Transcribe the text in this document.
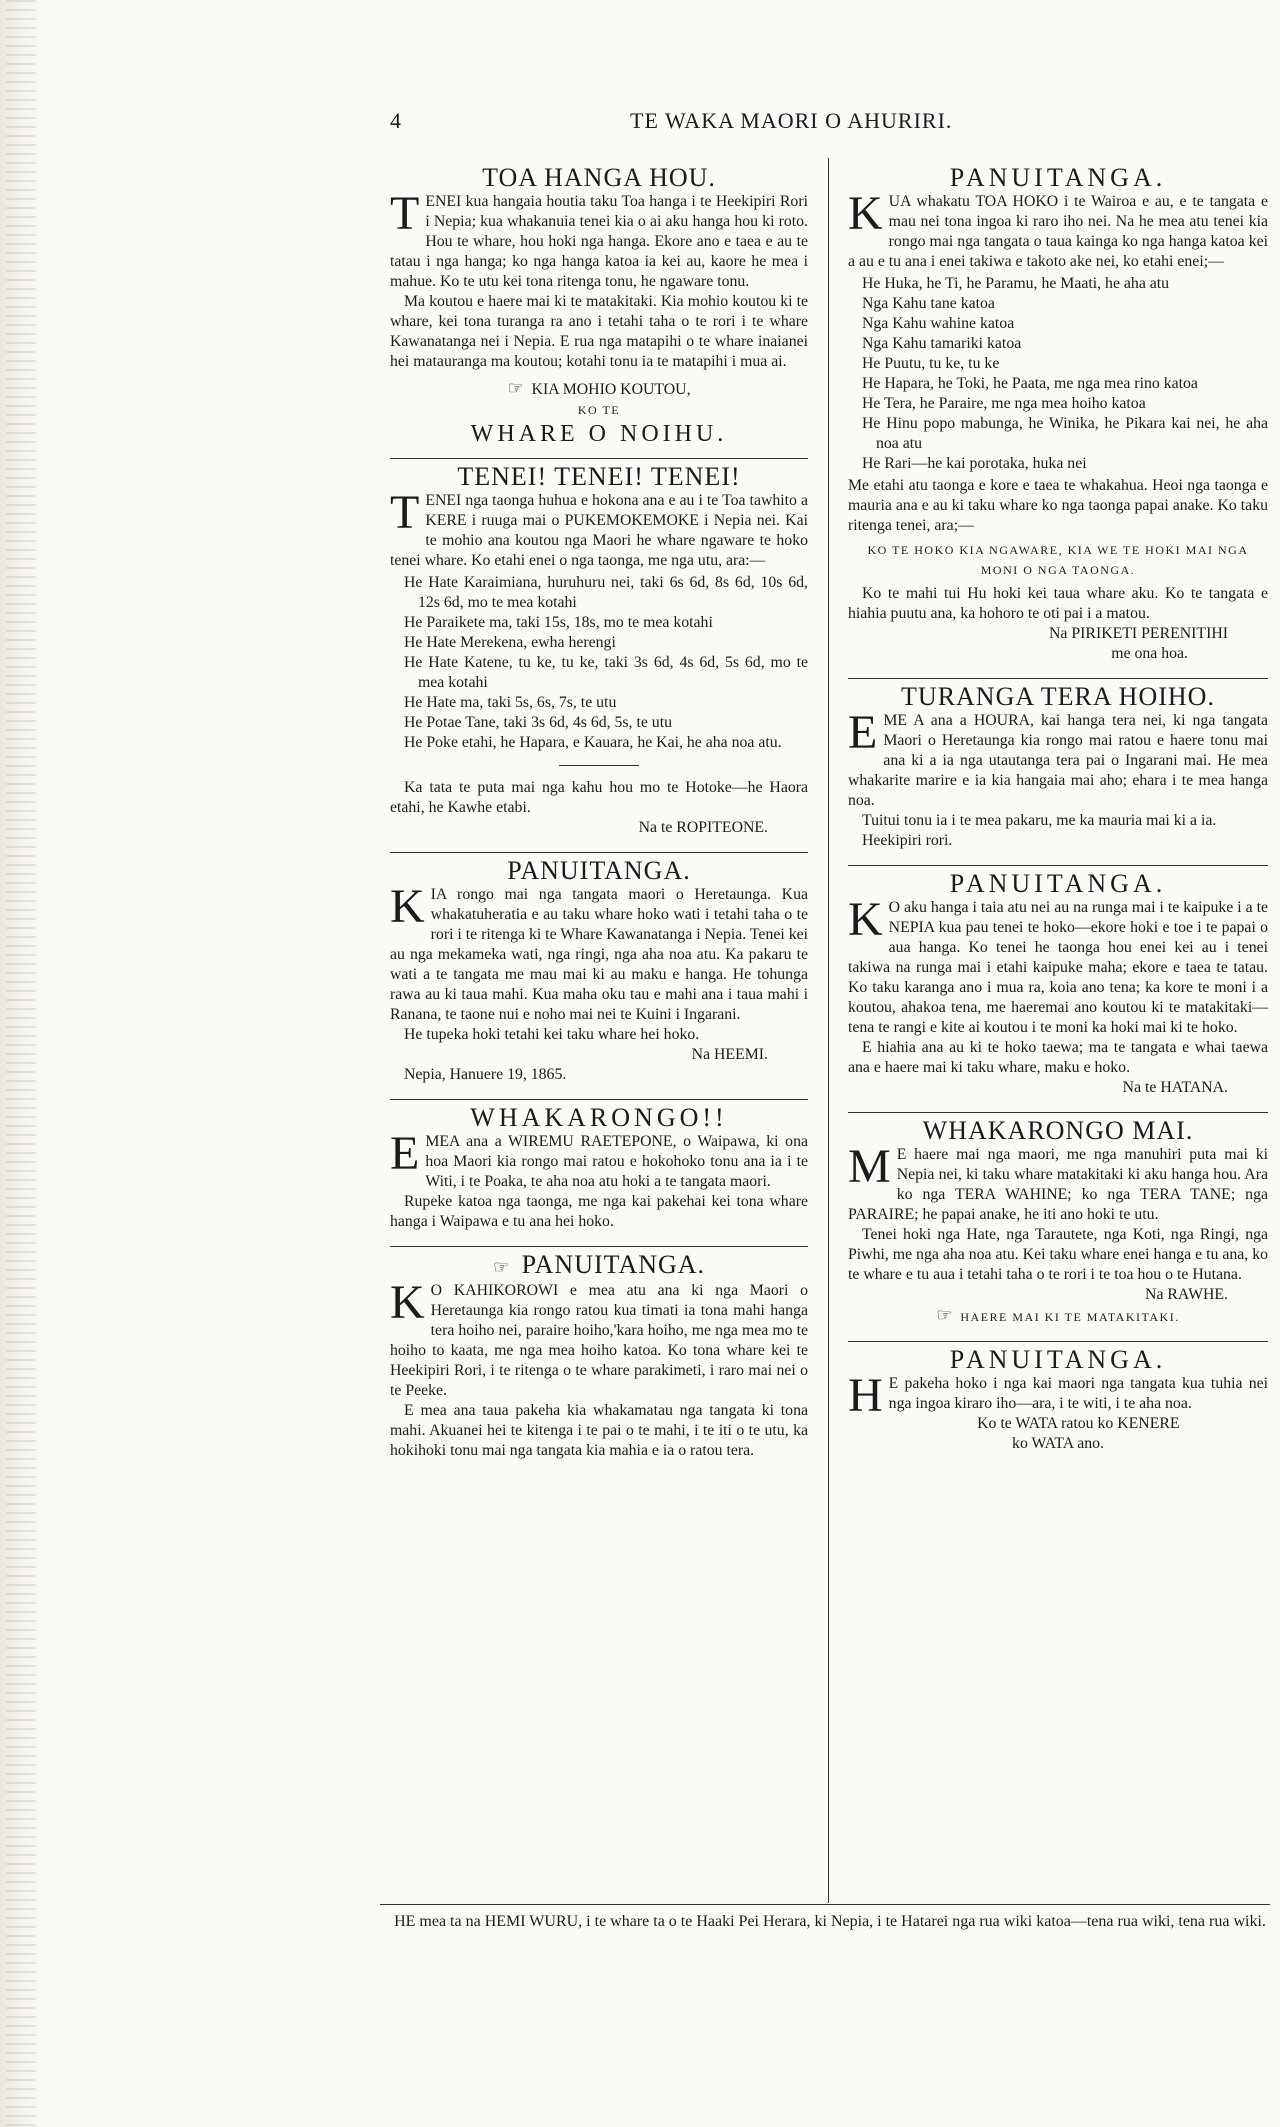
4	TE WAKA MAORI O AHURIRI.
TOA HANGA HOU.
T ENEI kua hangaia houtia taku Toa hanga i te Heekipiri Rori i Nepia; kua whakanuia tenei kia o ai aku hanga hou ki roto. Hou te whare, hou hoki nga hanga. Ekore ano e taea e au te tatau i nga hanga; ko nga hanga katoa ia kei au, kaore he mea i mahue. Ko te utu kei tona ritenga tonu, he ngaware tonu.

Ma koutou e haere mai ki te matakitaki. Kia mohio koutou ki te whare, kei tona turanga ra ano i tetahi taha o te rori i te whare Kawanatanga nei i Nepia. E rua nga matapihi o te whare inaianei hei matauranga ma koutou; kotahi tonu ia te matapihi i mua ai.

☞ KIA MOHIO KOUTOU,
KO TE
WHARE O NOIHU.
TENEI! TENEI! TENEI!
T ENEI nga taonga huhua e hokona ana e au i te Toa tawhito a KERE i ruuga mai o PUKEMOKEMOKE i Nepia nei. Kai te mohio ana koutou nga Maori he whare ngaware te hoko tenei whare. Ko etahi enei o nga taonga, me nga utu, ara:—

He Hate Karaimiana, huruhuru nei, taki 6s 6d, 8s 6d, 10s 6d, 12s 6d, mo te mea kotahi
He Paraikete ma, taki 15s, 18s, mo te mea kotahi
He Hate Merekena, ewha herengi
He Hate Katene, tu ke, tu ke, taki 3s 6d, 4s 6d, 5s 6d, mo te mea kotahi
He Hate ma, taki 5s, 6s, 7s, te utu
He Potae Tane, taki 3s 6d, 4s 6d, 5s, te utu
He Poke etahi, he Hapara, e Kauara, he Kai, he aha noa atu.

Ka tata te puta mai nga kahu hou mo te Hotoke—he Haora etahi, he Kawhe etabi.

Na te ROPITEONE.

PANUITANGA.
K IA rongo mai nga tangata maori o Heretaunga. Kua whakatuheratia e au taku whare hoko wati i tetahi taha o te rori i te ritenga ki te Whare Kawanatanga i Nepia. Tenei kei au nga mekameka wati, nga ringi, nga aha noa atu. Ka pakaru te wati a te tangata me mau mai ki au maku e hanga. He tohunga rawa au ki taua mahi. Kua maha oku tau e mahi ana i taua mahi i Ranana, te taone nui e noho mai nei te Kuini i Ingarani.

He tupeka hoki tetahi kei taku whare hei hoko.

Na HEEMI.

Nepia, Hanuere 19, 1865.

WHAKARONGO!!
E MEA ana a WIREMU RAETEPONE, o Waipawa, ki ona hoa Maori kia rongo mai ratou e hokohoko tonu ana ia i te Witi, i te Poaka, te aha noa atu hoki a te tangata maori.

Rupeke katoa nga taonga, me nga kai pakehai kei tona whare hanga i Waipawa e tu ana hei hoko.

☞ PANUITANGA.
K O KAHIKOROWI e mea atu ana ki nga Maori o Heretaunga kia rongo ratou kua timati ia tona mahi hanga tera hoiho nei, paraire hoiho,'kara hoiho, me nga mea mo te hoiho to kaata, me nga mea hoiho katoa. Ko tona whare kei te Heekipiri Rori, i te ritenga o te whare parakimeti, i raro mai nei o te Peeke.

E mea ana taua pakeha kia whakamatau nga tangata ki tona mahi. Akuanei hei te kitenga i te pai o te mahi, i te iti o te utu, ka hokihoki tonu mai nga tangata kia mahia e ia o ratou tera.

PANUITANGA.
K UA whakatu TOA HOKO i te Wairoa e au, e te tangata e mau nei tona ingoa ki raro iho nei. Na he mea atu tenei kia rongo mai nga tangata o taua kainga ko nga hanga katoa kei a au e tu ana i enei takiwa e takoto ake nei, ko etahi enei;—

He Huka, he Ti, he Paramu, he Maati, he aha atu
Nga Kahu tane katoa
Nga Kahu wahine katoa
Nga Kahu tamariki katoa
He Puutu, tu ke, tu ke
He Hapara, he Toki, he Paata, me nga mea rino katoa
He Tera, he Paraire, me nga mea hoiho katoa
He Hinu popo mabunga, he Winika, he Pikara kai nei, he aha noa atu
He Rari—he kai porotaka, huka nei

Me etahi atu taonga e kore e taea te whakahua. Heoi nga taonga e mauria ana e au ki taku whare ko nga taonga papai anake. Ko taku ritenga tenei, ara;—

KO TE HOKO KIA NGAWARE, KIA WE TE HOKI MAI NGA MONI O NGA TAONGA.

Ko te mahi tui Hu hoki kei taua whare aku. Ko te tangata e hiahia puutu ana, ka hohoro te oti pai i a matou.

Na PIRIKETI PERENITIHI

me ona hoa.

TURANGA TERA HOIHO.
E ME A ana a HOURA, kai hanga tera nei, ki nga tangata Maori o Heretaunga kia rongo mai ratou e haere tonu mai ana ki a ia nga utautanga tera pai o Ingarani mai. He mea whakarite marire e ia kia hangaia mai aho; ehara i te mea hanga noa.

Tuitui tonu ia i te mea pakaru, me ka mauria mai ki a ia.

Heekipiri rori.

PANUITANGA.
K O aku hanga i taia atu nei au na runga mai i te kaipuke i a te NEPIA kua pau tenei te hoko—ekore hoki e toe i te papai o aua hanga. Ko tenei he taonga hou enei kei au i tenei takiwa na runga mai i etahi kaipuke maha; ekore e taea te tatau. Ko taku karanga ano i mua ra, koia ano tena; ka kore te moni i a koutou, ahakoa tena, me haeremai ano koutou ki te matakitaki—tena te rangi e kite ai koutou i te moni ka hoki mai ki te hoko.

E hiahia ana au ki te hoko taewa; ma te tangata e whai taewa ana e haere mai ki taku whare, maku e hoko.

Na te HATANA.

WHAKARONGO MAI.
M E haere mai nga maori, me nga manuhiri puta mai ki Nepia nei, ki taku whare matakitaki ki aku hanga hou. Ara ko nga TERA WAHINE; ko nga TERA TANE; nga PARAIRE; he papai anake, he iti ano hoki te utu.

Tenei hoki nga Hate, nga Tarautete, nga Koti, nga Ringi, nga Piwhi, me nga aha noa atu. Kei taku whare enei hanga e tu ana, ko te whare e tu aua i tetahi taha o te rori i te toa hou o te Hutana.

Na RAWHE.

☞ HAERE MAI KI TE MATAKITAKI.
PANUITANGA.
H E pakeha hoko i nga kai maori nga tangata kua tuhia nei nga ingoa kiraro iho—ara, i te witi, i te aha noa.

Ko te WATA ratou ko KENERE

ko WATA ano.

HE mea ta na HEMI WURU, i te whare ta o te Haaki Pei Herara, ki Nepia, i te Hatarei nga rua wiki katoa—tena rua wiki, tena rua wiki.
